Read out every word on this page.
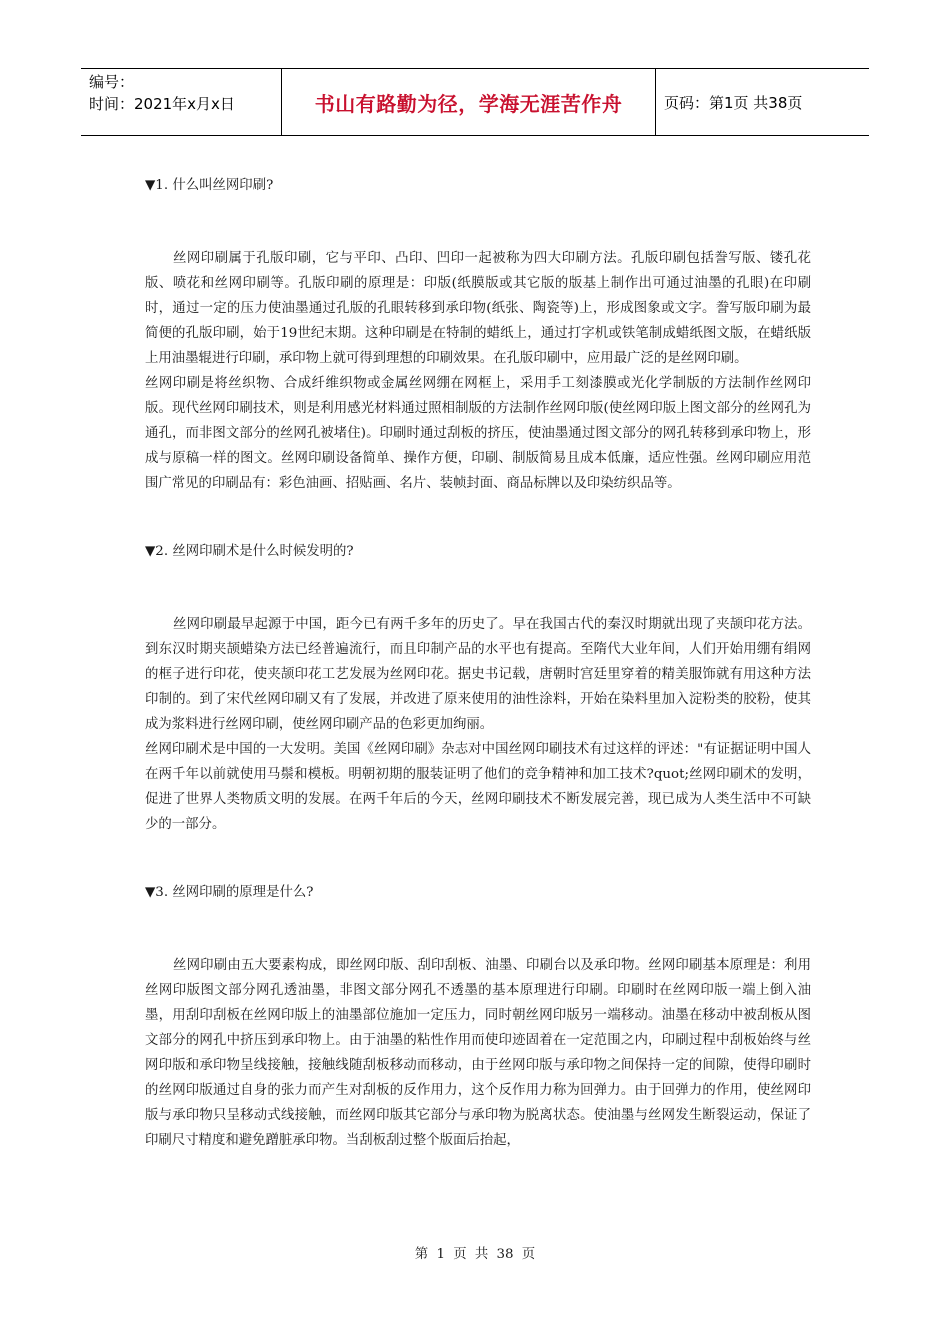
编号：
时间：2021年x月x日	书山有路勤为径，学海无涯苦作舟	页码：第1页 共38页

▼1. 什么叫丝网印刷?

丝网印刷属于孔版印刷，它与平印、凸印、凹印一起被称为四大印刷方法。孔版印刷包括誊写版、镂孔花版、喷花和丝网印刷等。孔版印刷的原理是：印版(纸膜版或其它版的版基上制作出可通过油墨的孔眼)在印刷时，通过一定的压力使油墨通过孔版的孔眼转移到承印物(纸张、陶瓷等)上，形成图象或文字。誊写版印刷为最简便的孔版印刷，始于19世纪末期。这种印刷是在特制的蜡纸上，通过打字机或铁笔制成蜡纸图文版，在蜡纸版上用油墨辊进行印刷，承印物上就可得到理想的印刷效果。在孔版印刷中，应用最广泛的是丝网印刷。

丝网印刷是将丝织物、合成纤维织物或金属丝网绷在网框上，采用手工刻漆膜或光化学制版的方法制作丝网印版。现代丝网印刷技术，则是利用感光材料通过照相制版的方法制作丝网印版(使丝网印版上图文部分的丝网孔为通孔，而非图文部分的丝网孔被堵住)。印刷时通过刮板的挤压，使油墨通过图文部分的网孔转移到承印物上，形成与原稿一样的图文。丝网印刷设备简单、操作方便，印刷、制版简易且成本低廉，适应性强。丝网印刷应用范围广常见的印刷品有：彩色油画、招贴画、名片、装帧封面、商品标牌以及印染纺织品等。

▼2. 丝网印刷术是什么时候发明的?

丝网印刷最早起源于中国，距今已有两千多年的历史了。早在我国古代的秦汉时期就出现了夹颉印花方法。到东汉时期夹颉蜡染方法已经普遍流行，而且印制产品的水平也有提高。至隋代大业年间，人们开始用绷有绢网的框子进行印花，使夹颉印花工艺发展为丝网印花。据史书记载，唐朝时宫廷里穿着的精美服饰就有用这种方法印制的。到了宋代丝网印刷又有了发展，并改进了原来使用的油性涂料，开始在染料里加入淀粉类的胶粉，使其成为浆料进行丝网印刷，使丝网印刷产品的色彩更加绚丽。

丝网印刷术是中国的一大发明。美国《丝网印刷》杂志对中国丝网印刷技术有过这样的评述："有证据证明中国人在两千年以前就使用马鬃和模板。明朝初期的服装证明了他们的竞争精神和加工技术?quot;丝网印刷术的发明，促进了世界人类物质文明的发展。在两千年后的今天，丝网印刷技术不断发展完善，现已成为人类生活中不可缺少的一部分。

▼3. 丝网印刷的原理是什么?

丝网印刷由五大要素构成，即丝网印版、刮印刮板、油墨、印刷台以及承印物。丝网印刷基本原理是：利用丝网印版图文部分网孔透油墨，非图文部分网孔不透墨的基本原理进行印刷。印刷时在丝网印版一端上倒入油墨，用刮印刮板在丝网印版上的油墨部位施加一定压力，同时朝丝网印版另一端移动。油墨在移动中被刮板从图文部分的网孔中挤压到承印物上。由于油墨的粘性作用而使印迹固着在一定范围之内，印刷过程中刮板始终与丝网印版和承印物呈线接触，接触线随刮板移动而移动，由于丝网印版与承印物之间保持一定的间隙，使得印刷时的丝网印版通过自身的张力而产生对刮板的反作用力，这个反作用力称为回弹力。由于回弹力的作用，使丝网印版与承印物只呈移动式线接触，而丝网印版其它部分与承印物为脱离状态。使油墨与丝网发生断裂运动，保证了印刷尺寸精度和避免蹭脏承印物。当刮板刮过整个版面后抬起，

第 1 页 共 38 页
